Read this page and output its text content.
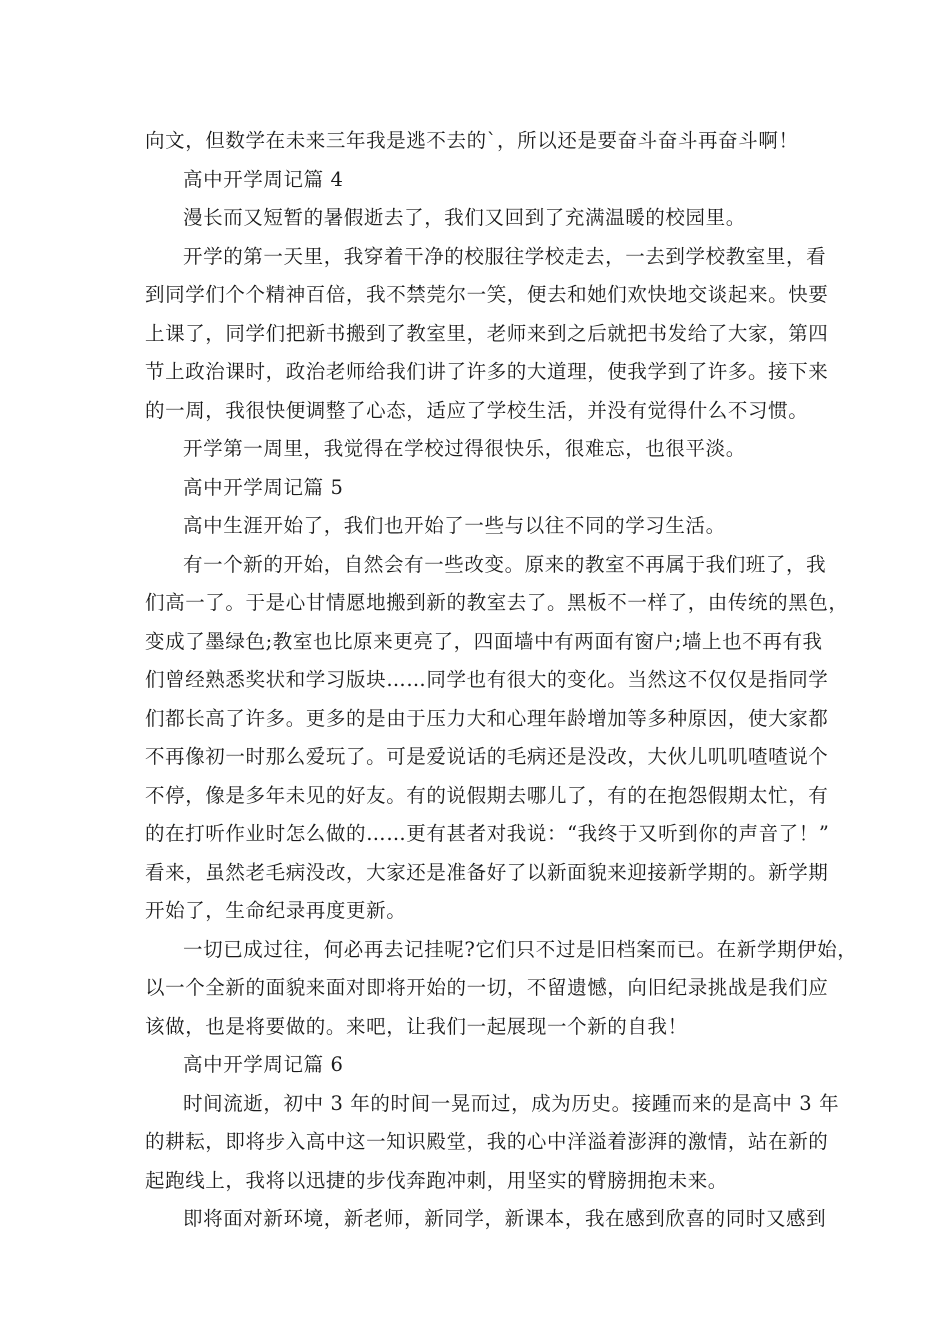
向文，但数学在未来三年我是逃不去的`，所以还是要奋斗奋斗再奋斗啊！
高中开学周记篇 4
漫长而又短暂的暑假逝去了，我们又回到了充满温暖的校园里。
开学的第一天里，我穿着干净的校服往学校走去，一去到学校教室里，看
到同学们个个精神百倍，我不禁莞尔一笑，便去和她们欢快地交谈起来。快要
上课了，同学们把新书搬到了教室里，老师来到之后就把书发给了大家，第四
节上政治课时，政治老师给我们讲了许多的大道理，使我学到了许多。接下来
的一周，我很快便调整了心态，适应了学校生活，并没有觉得什么不习惯。
开学第一周里，我觉得在学校过得很快乐，很难忘，也很平淡。
高中开学周记篇 5
高中生涯开始了，我们也开始了一些与以往不同的学习生活。
有一个新的开始，自然会有一些改变。原来的教室不再属于我们班了，我
们高一了。于是心甘情愿地搬到新的教室去了。黑板不一样了，由传统的黑色，
变成了墨绿色;教室也比原来更亮了，四面墙中有两面有窗户;墙上也不再有我
们曾经熟悉奖状和学习版块……同学也有很大的变化。当然这不仅仅是指同学
们都长高了许多。更多的是由于压力大和心理年龄增加等多种原因，使大家都
不再像初一时那么爱玩了。可是爱说话的毛病还是没改，大伙儿叽叽喳喳说个
不停，像是多年未见的好友。有的说假期去哪儿了，有的在抱怨假期太忙，有
的在打听作业时怎么做的……更有甚者对我说：“我终于又听到你的声音了！”
看来，虽然老毛病没改，大家还是准备好了以新面貌来迎接新学期的。新学期
开始了，生命纪录再度更新。
一切已成过往，何必再去记挂呢?它们只不过是旧档案而已。在新学期伊始，
以一个全新的面貌来面对即将开始的一切，不留遗憾，向旧纪录挑战是我们应
该做，也是将要做的。来吧，让我们一起展现一个新的自我！
高中开学周记篇 6
时间流逝，初中 3 年的时间一晃而过，成为历史。接踵而来的是高中 3 年
的耕耘，即将步入高中这一知识殿堂，我的心中洋溢着澎湃的激情，站在新的
起跑线上，我将以迅捷的步伐奔跑冲刺，用坚实的臂膀拥抱未来。
即将面对新环境，新老师，新同学，新课本，我在感到欣喜的同时又感到
